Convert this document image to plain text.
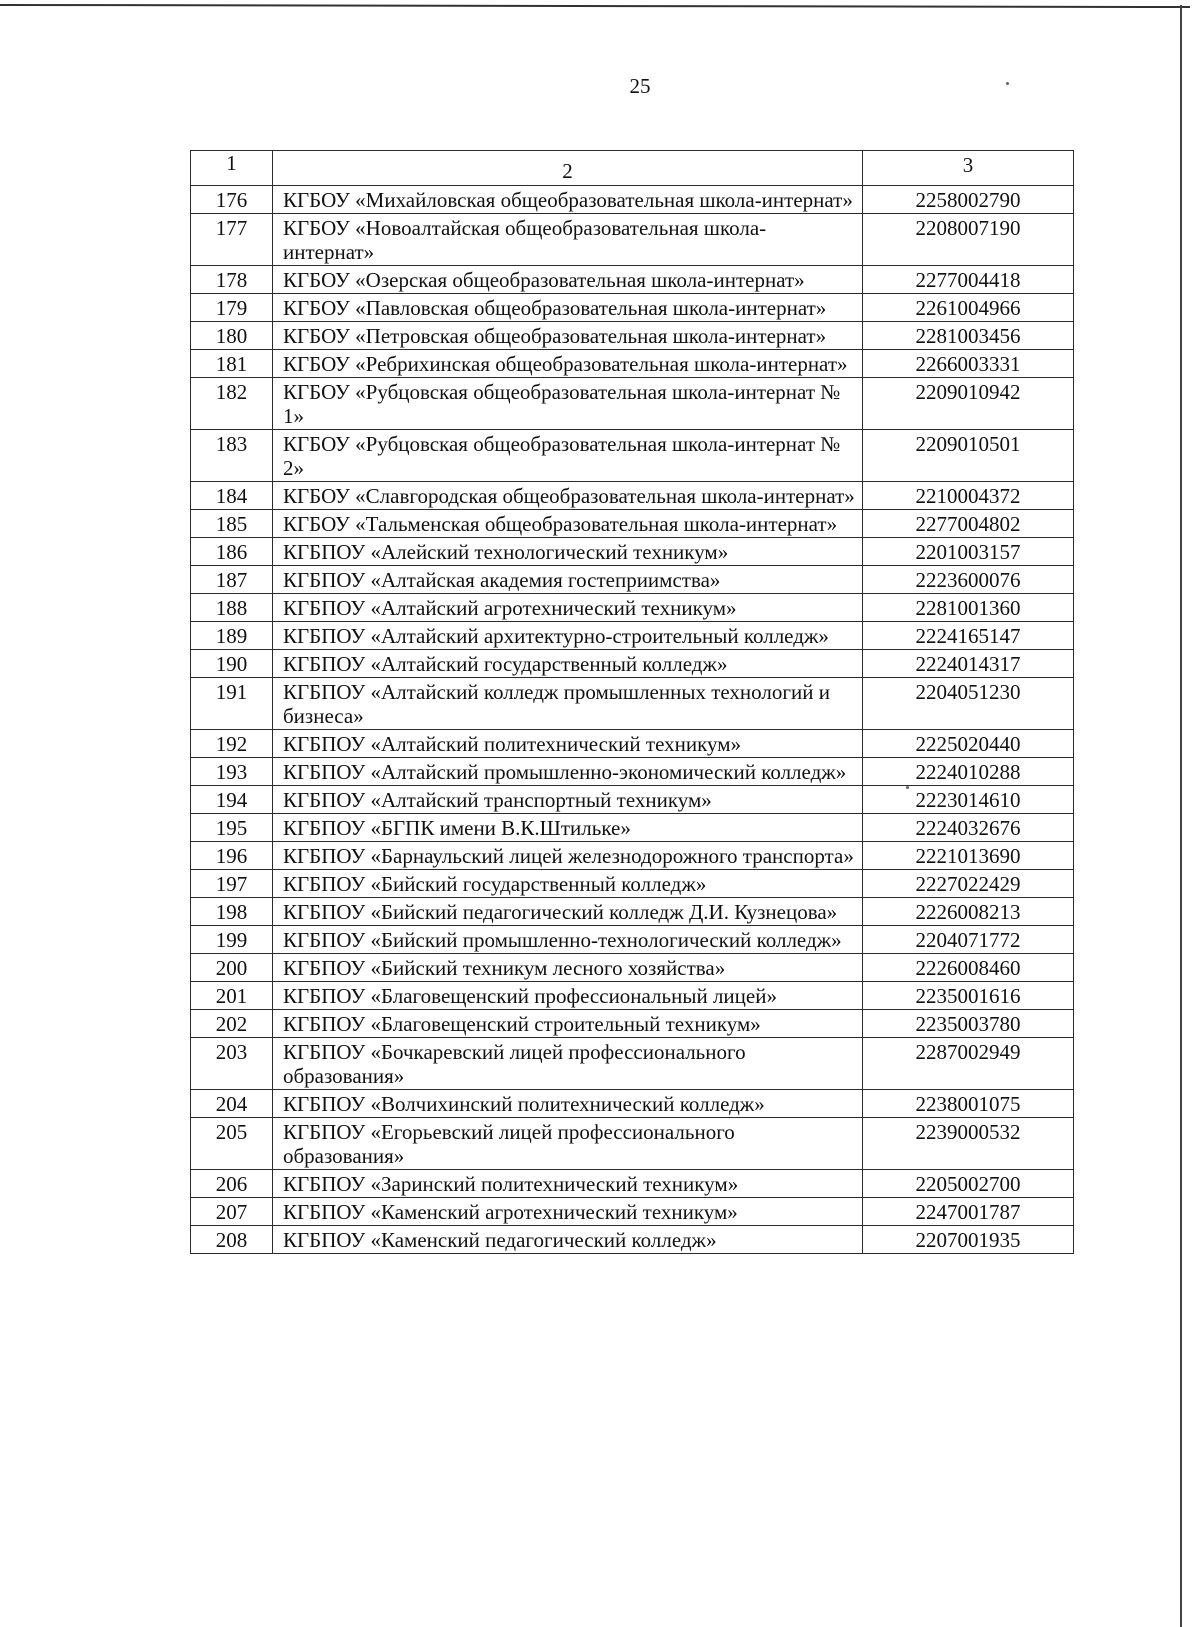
25
1	2	3

176	КГБОУ «Михайловская общеобразовательная школа-интернат»	2258002790
177	КГБОУ «Новоалтайская общеобразовательная школа-интернат»	2208007190
178	КГБОУ «Озерская общеобразовательная школа-интернат»	2277004418
179	КГБОУ «Павловская общеобразовательная школа-интернат»	2261004966
180	КГБОУ «Петровская общеобразовательная школа-интернат»	2281003456
181	КГБОУ «Ребрихинская общеобразовательная школа-интернат»	2266003331
182	КГБОУ «Рубцовская общеобразовательная школа-интернат № 1»	2209010942
183	КГБОУ «Рубцовская общеобразовательная школа-интернат № 2»	2209010501
184	КГБОУ «Славгородская общеобразовательная школа-интернат»	2210004372
185	КГБОУ «Тальменская общеобразовательная школа-интернат»	2277004802
186	КГБПОУ «Алейский технологический техникум»	2201003157
187	КГБПОУ «Алтайская академия гостеприимства»	2223600076
188	КГБПОУ «Алтайский агротехнический техникум»	2281001360
189	КГБПОУ «Алтайский архитектурно-строительный колледж»	2224165147
190	КГБПОУ «Алтайский государственный колледж»	2224014317
191	КГБПОУ «Алтайский колледж промышленных технологий и бизнеса»	2204051230
192	КГБПОУ «Алтайский политехнический техникум»	2225020440
193	КГБПОУ «Алтайский промышленно-экономический колледж»	2224010288
194	КГБПОУ «Алтайский транспортный техникум»	2223014610
195	КГБПОУ «БГПК имени В.К.Штильке»	2224032676
196	КГБПОУ «Барнаульский лицей железнодорожного транспорта»	2221013690
197	КГБПОУ «Бийский государственный колледж»	2227022429
198	КГБПОУ «Бийский педагогический колледж Д.И. Кузнецова»	2226008213
199	КГБПОУ «Бийский промышленно-технологический колледж»	2204071772
200	КГБПОУ «Бийский техникум лесного хозяйства»	2226008460
201	КГБПОУ «Благовещенский профессиональный лицей»	2235001616
202	КГБПОУ «Благовещенский строительный техникум»	2235003780
203	КГБПОУ «Бочкаревский лицей профессионального образования»	2287002949
204	КГБПОУ «Волчихинский политехнический колледж»	2238001075
205	КГБПОУ «Егорьевский лицей профессионального образования»	2239000532
206	КГБПОУ «Заринский политехнический техникум»	2205002700
207	КГБПОУ «Каменский агротехнический техникум»	2247001787
208	КГБПОУ «Каменский педагогический колледж»	2207001935
